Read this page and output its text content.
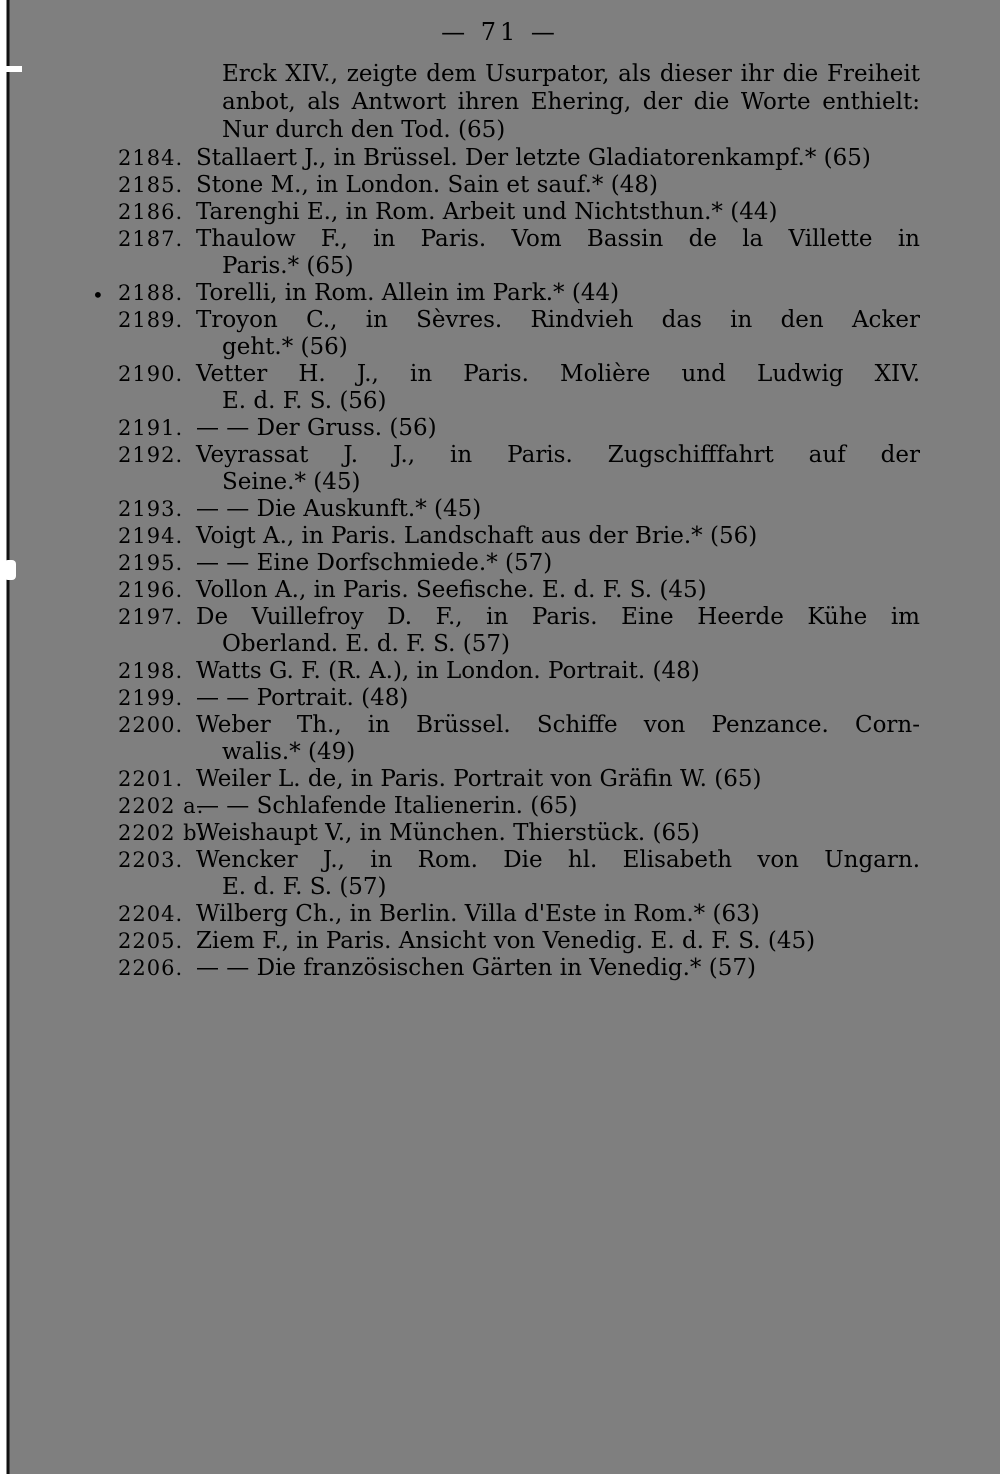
— 71 —
•
Erck XIV., zeigte dem Usurpator, als dieser ihr die Freiheit
anbot, als Antwort ihren Ehering, der die Worte enthielt:
Nur durch den Tod. (65)
2184. Stallaert J., in Brüssel. Der letzte Gladiatorenkampf.* (65)
2185. Stone M., in London. Sain et sauf.* (48)
2186. Tarenghi E., in Rom. Arbeit und Nichtsthun.* (44)
2187. Thaulow F., in Paris. Vom Bassin de la Villette in
Paris.* (65)
2188. Torelli, in Rom. Allein im Park.* (44)
2189. Troyon C., in Sèvres. Rindvieh das in den Acker
geht.* (56)
2190. Vetter H. J., in Paris. Molière und Ludwig XIV.
E. d. F. S. (56)
2191. — — Der Gruss. (56)
2192. Veyrassat J. J., in Paris. Zugschifffahrt auf der
Seine.* (45)
2193. — — Die Auskunft.* (45)
2194. Voigt A., in Paris. Landschaft aus der Brie.* (56)
2195. — — Eine Dorfschmiede.* (57)
2196. Vollon A., in Paris. Seefische. E. d. F. S. (45)
2197. De Vuillefroy D. F., in Paris. Eine Heerde Kühe im
Oberland. E. d. F. S. (57)
2198. Watts G. F. (R. A.), in London. Portrait. (48)
2199. — — Portrait. (48)
2200. Weber Th., in Brüssel. Schiffe von Penzance. Corn-
walis.* (49)
2201. Weiler L. de, in Paris. Portrait von Gräfin W. (65)
2202 a.
— — Schlafende Italienerin. (65)
2202 b.
Weishaupt V., in München. Thierstück. (65)
2203. Wencker J., in Rom. Die hl. Elisabeth von Ungarn.
E. d. F. S. (57)
2204. Wilberg Ch., in Berlin. Villa d'Este in Rom.* (63)
2205. Ziem F., in Paris. Ansicht von Venedig. E. d. F. S. (45)
2206. — — Die französischen Gärten in Venedig.* (57)
